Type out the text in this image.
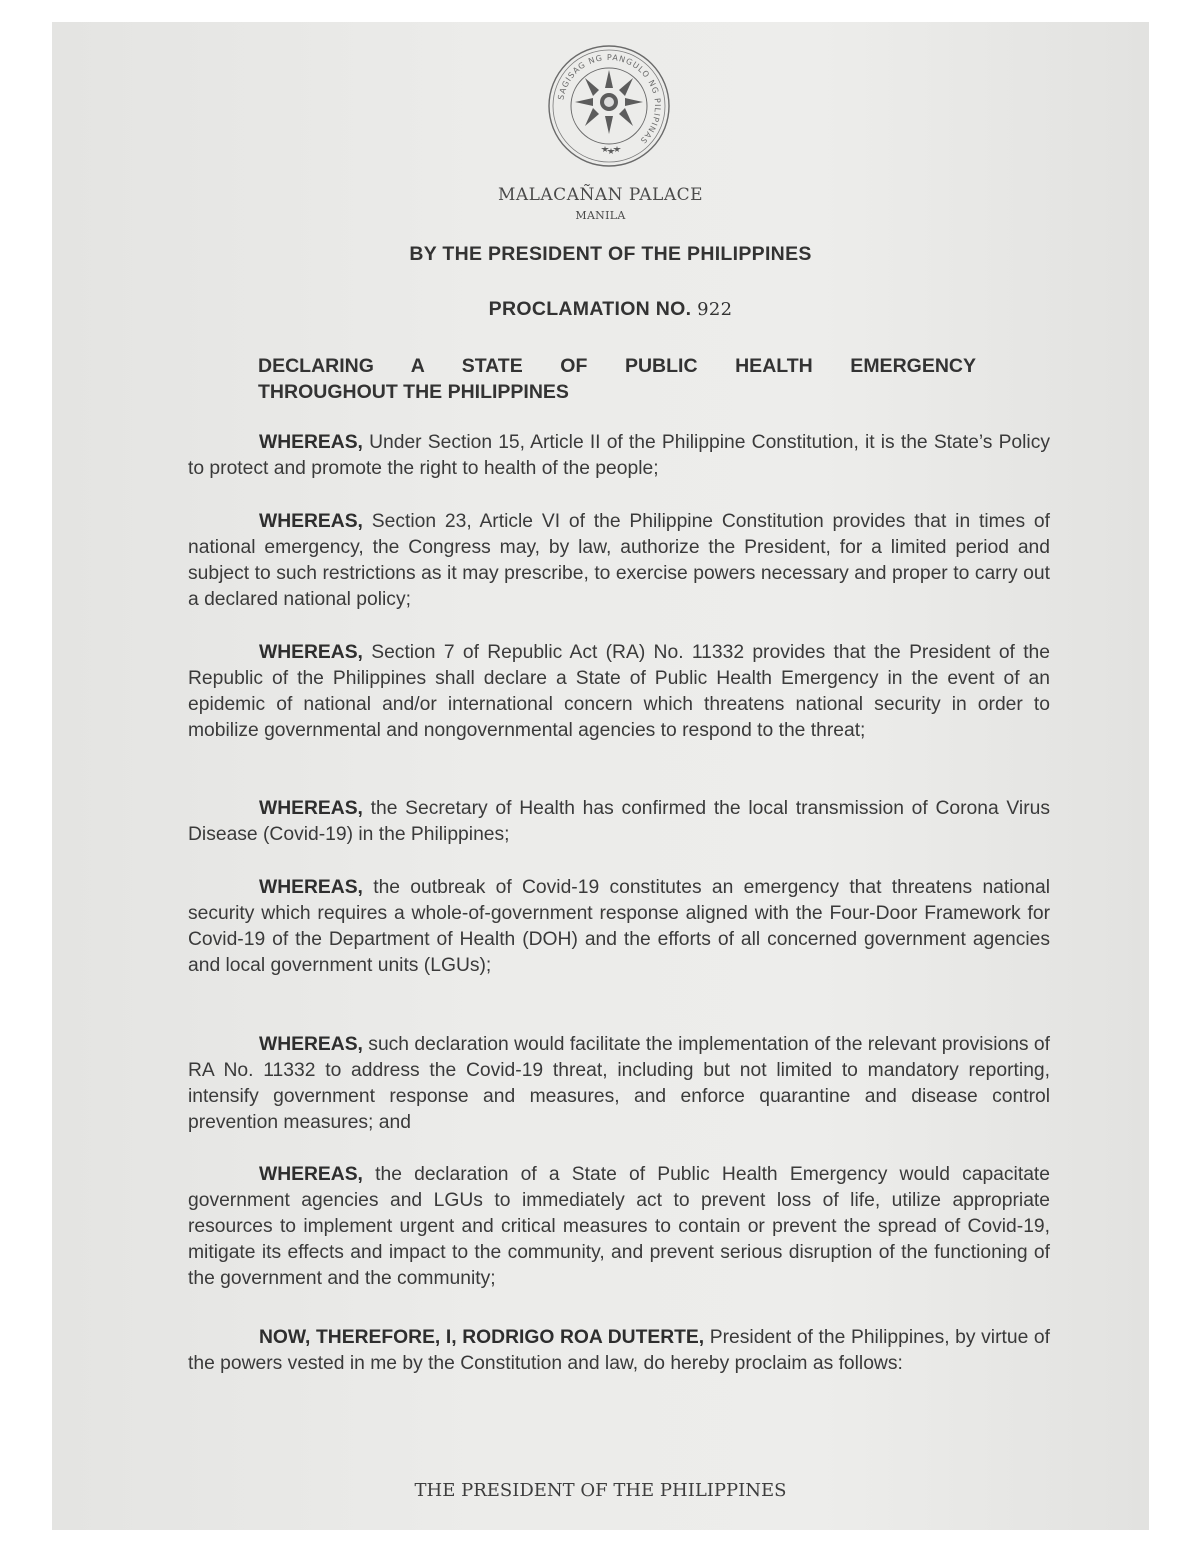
SAGISAG NG PANGULO NG PILIPINAS
MALACAÑAN PALACE
MANILA
BY THE PRESIDENT OF THE PHILIPPINES
PROCLAMATION NO. 922
DECLARING A STATE OF PUBLIC HEALTH EMERGENCY
THROUGHOUT THE PHILIPPINES

WHEREAS, Under Section 15, Article II of the Philippine Constitution, it is the State’s Policy to protect and promote the right to health of the people;

WHEREAS, Section 23, Article VI of the Philippine Constitution provides that in times of national emergency, the Congress may, by law, authorize the President, for a limited period and subject to such restrictions as it may prescribe, to exercise powers necessary and proper to carry out a declared national policy;

WHEREAS, Section 7 of Republic Act (RA) No. 11332 provides that the President of the Republic of the Philippines shall declare a State of Public Health Emergency in the event of an epidemic of national and/or international concern which threatens national security in order to mobilize governmental and nongovernmental agencies to respond to the threat;

WHEREAS, the Secretary of Health has confirmed the local transmission of Corona Virus Disease (Covid-19) in the Philippines;

WHEREAS, the outbreak of Covid-19 constitutes an emergency that threatens national security which requires a whole-of-government response aligned with the Four-Door Framework for Covid-19 of the Department of Health (DOH) and the efforts of all concerned government agencies and local government units (LGUs);

WHEREAS, such declaration would facilitate the implementation of the relevant provisions of RA No. 11332 to address the Covid-19 threat, including but not limited to mandatory reporting, intensify government response and measures, and enforce quarantine and disease control prevention measures; and

WHEREAS, the declaration of a State of Public Health Emergency would capacitate government agencies and LGUs to immediately act to prevent loss of life, utilize appropriate resources to implement urgent and critical measures to contain or prevent the spread of Covid-19, mitigate its effects and impact to the community, and prevent serious disruption of the functioning of the government and the community;

NOW, THEREFORE, I, RODRIGO ROA DUTERTE, President of the Philippines, by virtue of the powers vested in me by the Constitution and law, do hereby proclaim as follows:

THE PRESIDENT OF THE PHILIPPINES
